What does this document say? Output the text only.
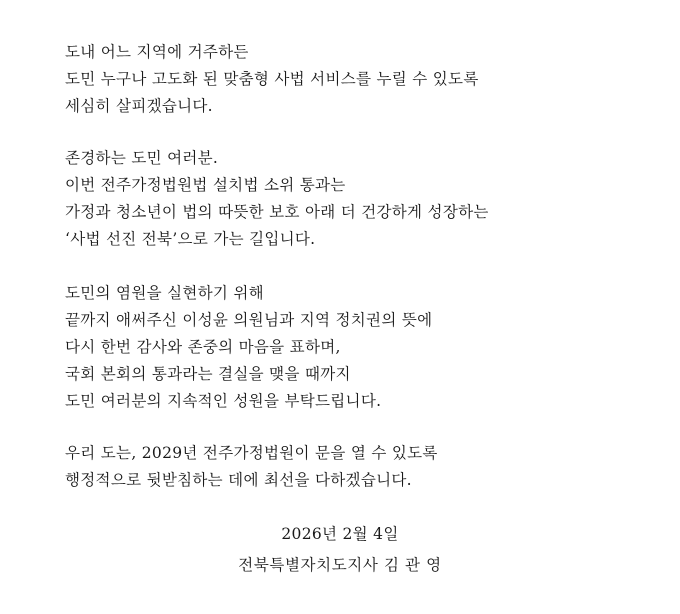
도내 어느 지역에 거주하든
도민 누구나 고도화 된 맞춤형 사법 서비스를 누릴 수 있도록
세심히 살피겠습니다.
존경하는 도민 여러분.
이번 전주가정법원법 설치법 소위 통과는
가정과 청소년이 법의 따뜻한 보호 아래 더 건강하게 성장하는
‘사법 선진 전북’으로 가는 길입니다.
도민의 염원을 실현하기 위해
끝까지 애써주신 이성윤 의원님과 지역 정치권의 뜻에
다시 한번 감사와 존중의 마음을 표하며,
국회 본회의 통과라는 결실을 맺을 때까지
도민 여러분의 지속적인 성원을 부탁드립니다.
우리 도는, 2029년 전주가정법원이 문을 열 수 있도록
행정적으로 뒷받침하는 데에 최선을 다하겠습니다.
2026년 2월 4일
전북특별자치도지사 김 관 영
